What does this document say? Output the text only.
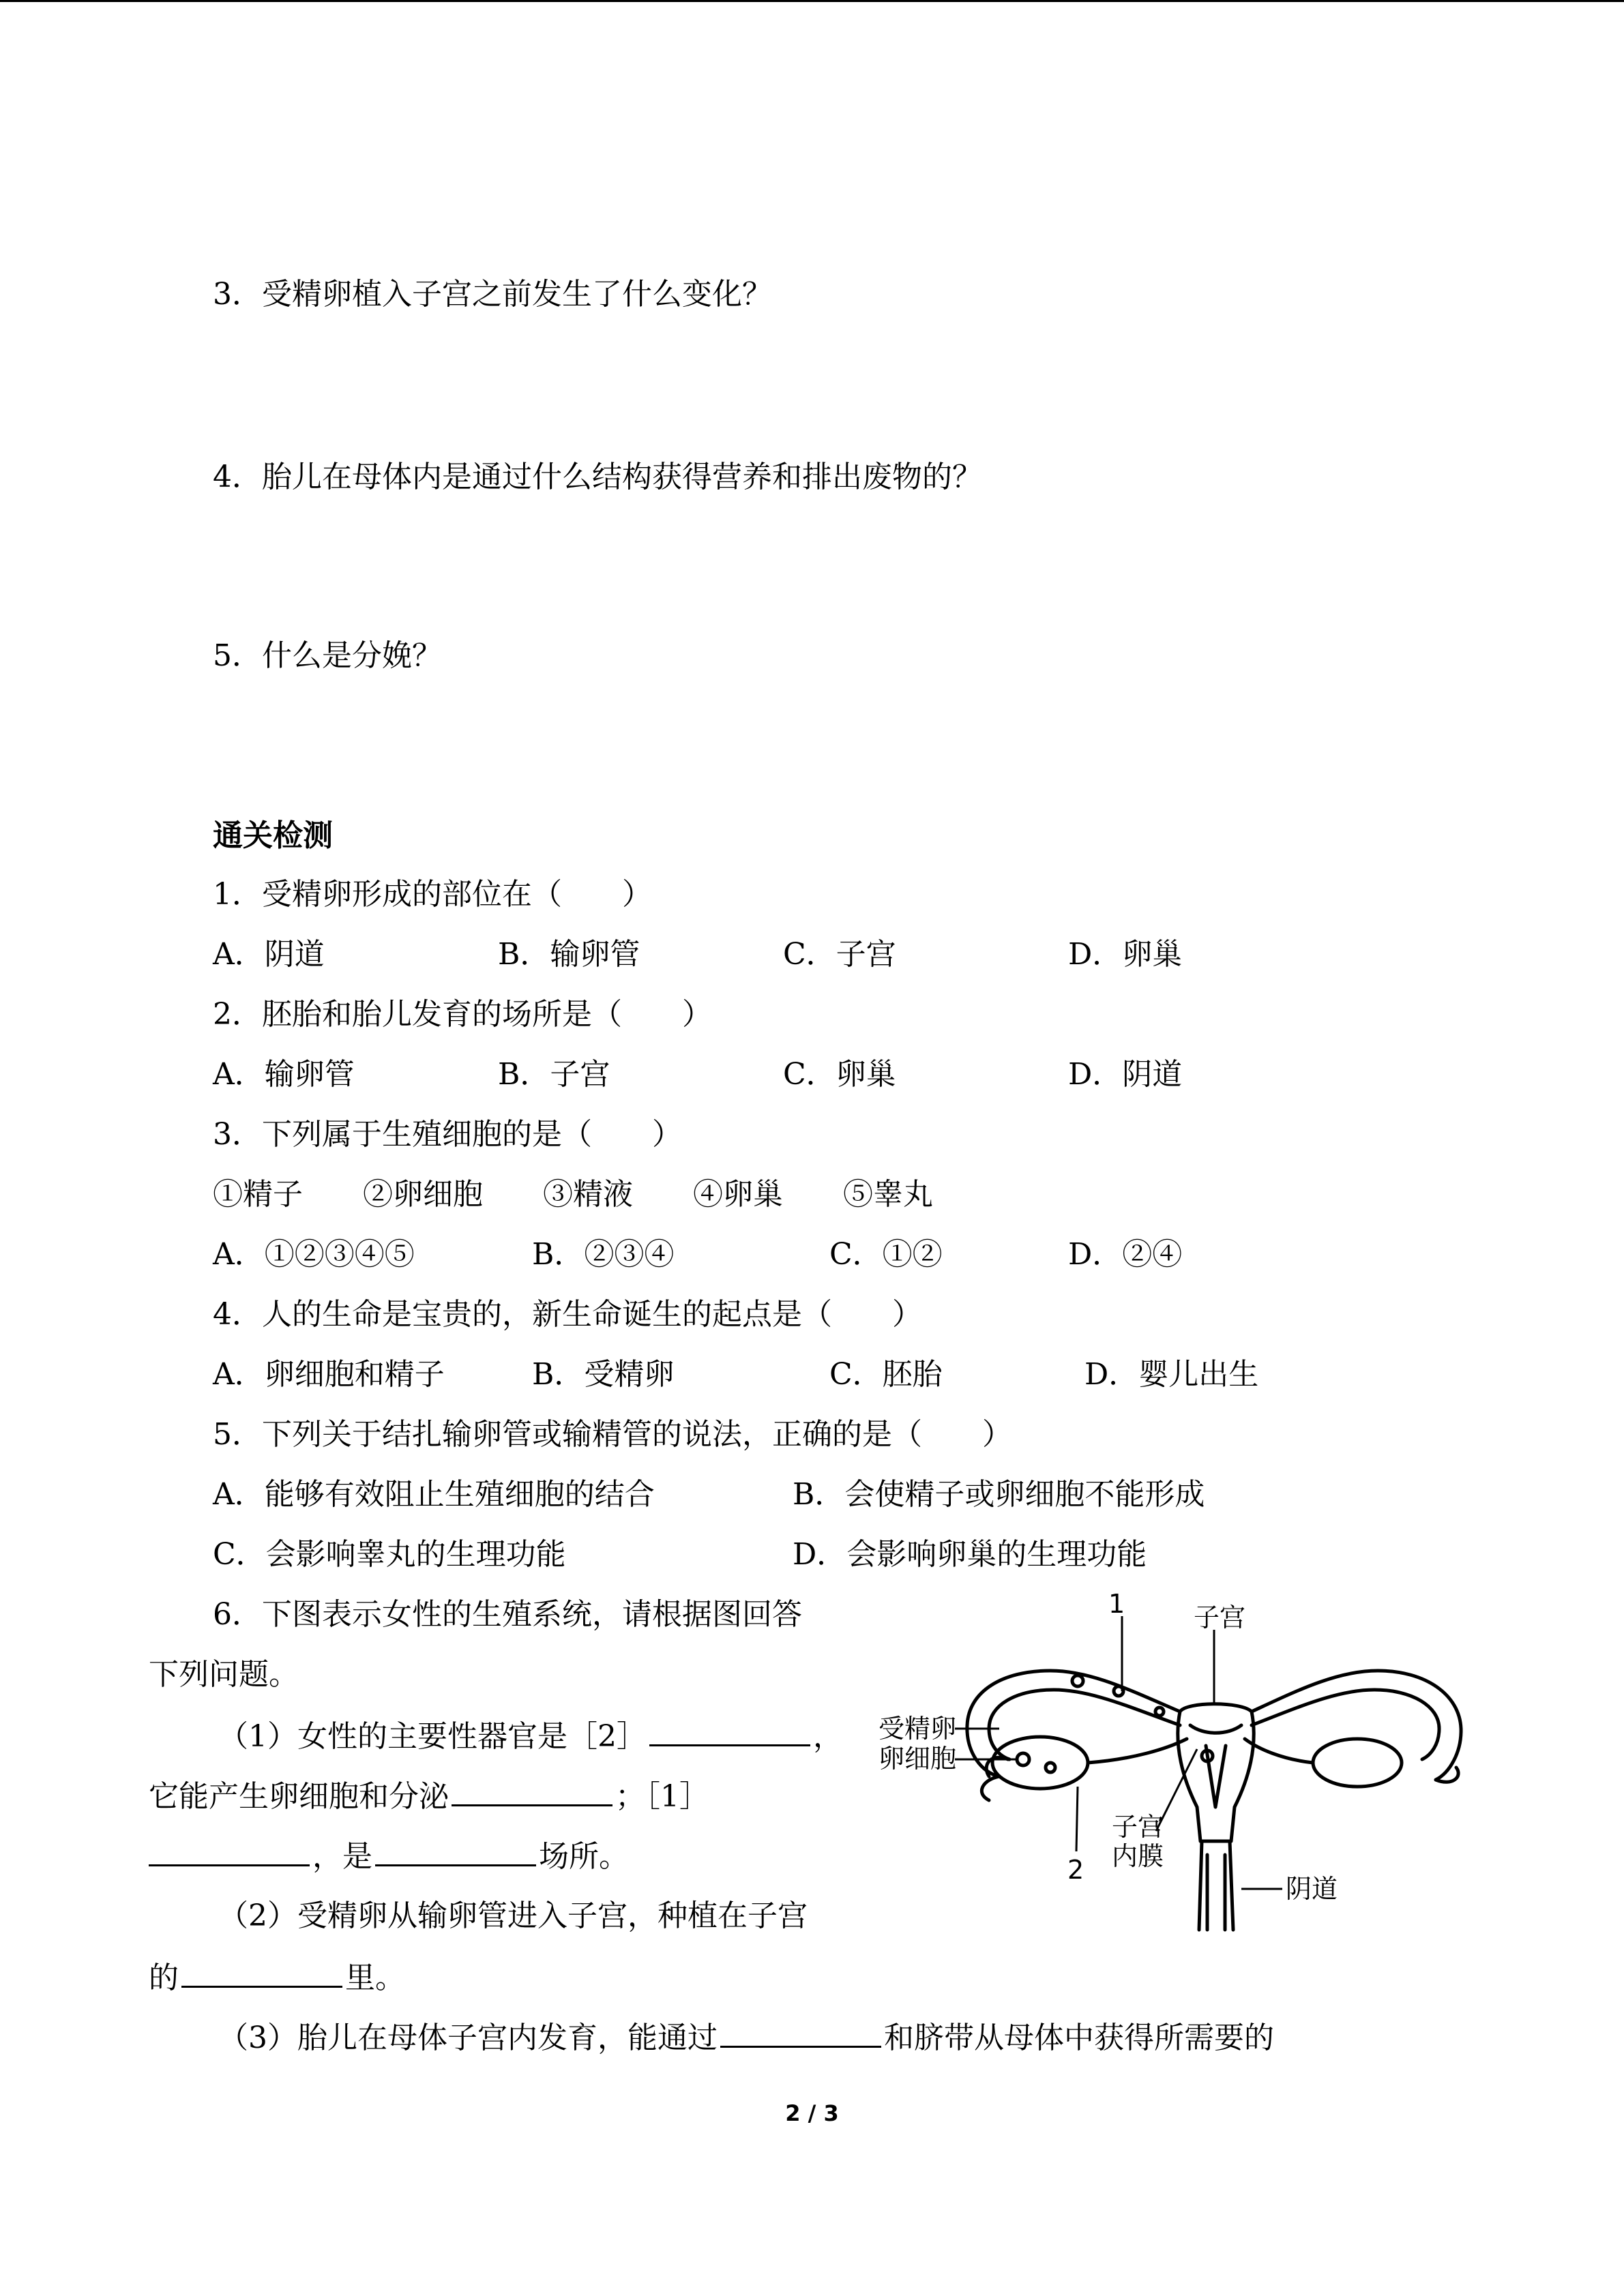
3．受精卵植入子宫之前发生了什么变化？
4．胎儿在母体内是通过什么结构获得营养和排出废物的？
5．什么是分娩？
通关检测
1．受精卵形成的部位在（　　）
A．阴道	B．输卵管	C．子宫	D．卵巢
2．胚胎和胎儿发育的场所是（　　）
A．输卵管	B．子宫	C．卵巢	D．阴道
3．下列属于生殖细胞的是（　　）
①精子　　②卵细胞　　③精液　　④卵巢　　⑤睾丸
A．①②③④⑤	B．②③④	C．①②	D．②④
4．人的生命是宝贵的，新生命诞生的起点是（　　）
A．卵细胞和精子	B．受精卵	C．胚胎	D．婴儿出生
5．下列关于结扎输卵管或输精管的说法，正确的是（　　）
A．能够有效阻止生殖细胞的结合	B．会使精子或卵细胞不能形成
C．会影响睾丸的生理功能	D．会影响卵巢的生理功能
6．下图表示女性的生殖系统，请根据图回答
下列问题。
（1）女性的主要性器官是［2］	，
它能产生卵细胞和分泌	；［1］
，是	场所。
（2）受精卵从输卵管进入子宫，种植在子宫
的	里。
（3）胎儿在母体子宫内发育，能通过	和脐带从母体中获得所需要的
1	子宫
受精卵
卵细胞
2
子宫
内膜
阴道
2 / 3
